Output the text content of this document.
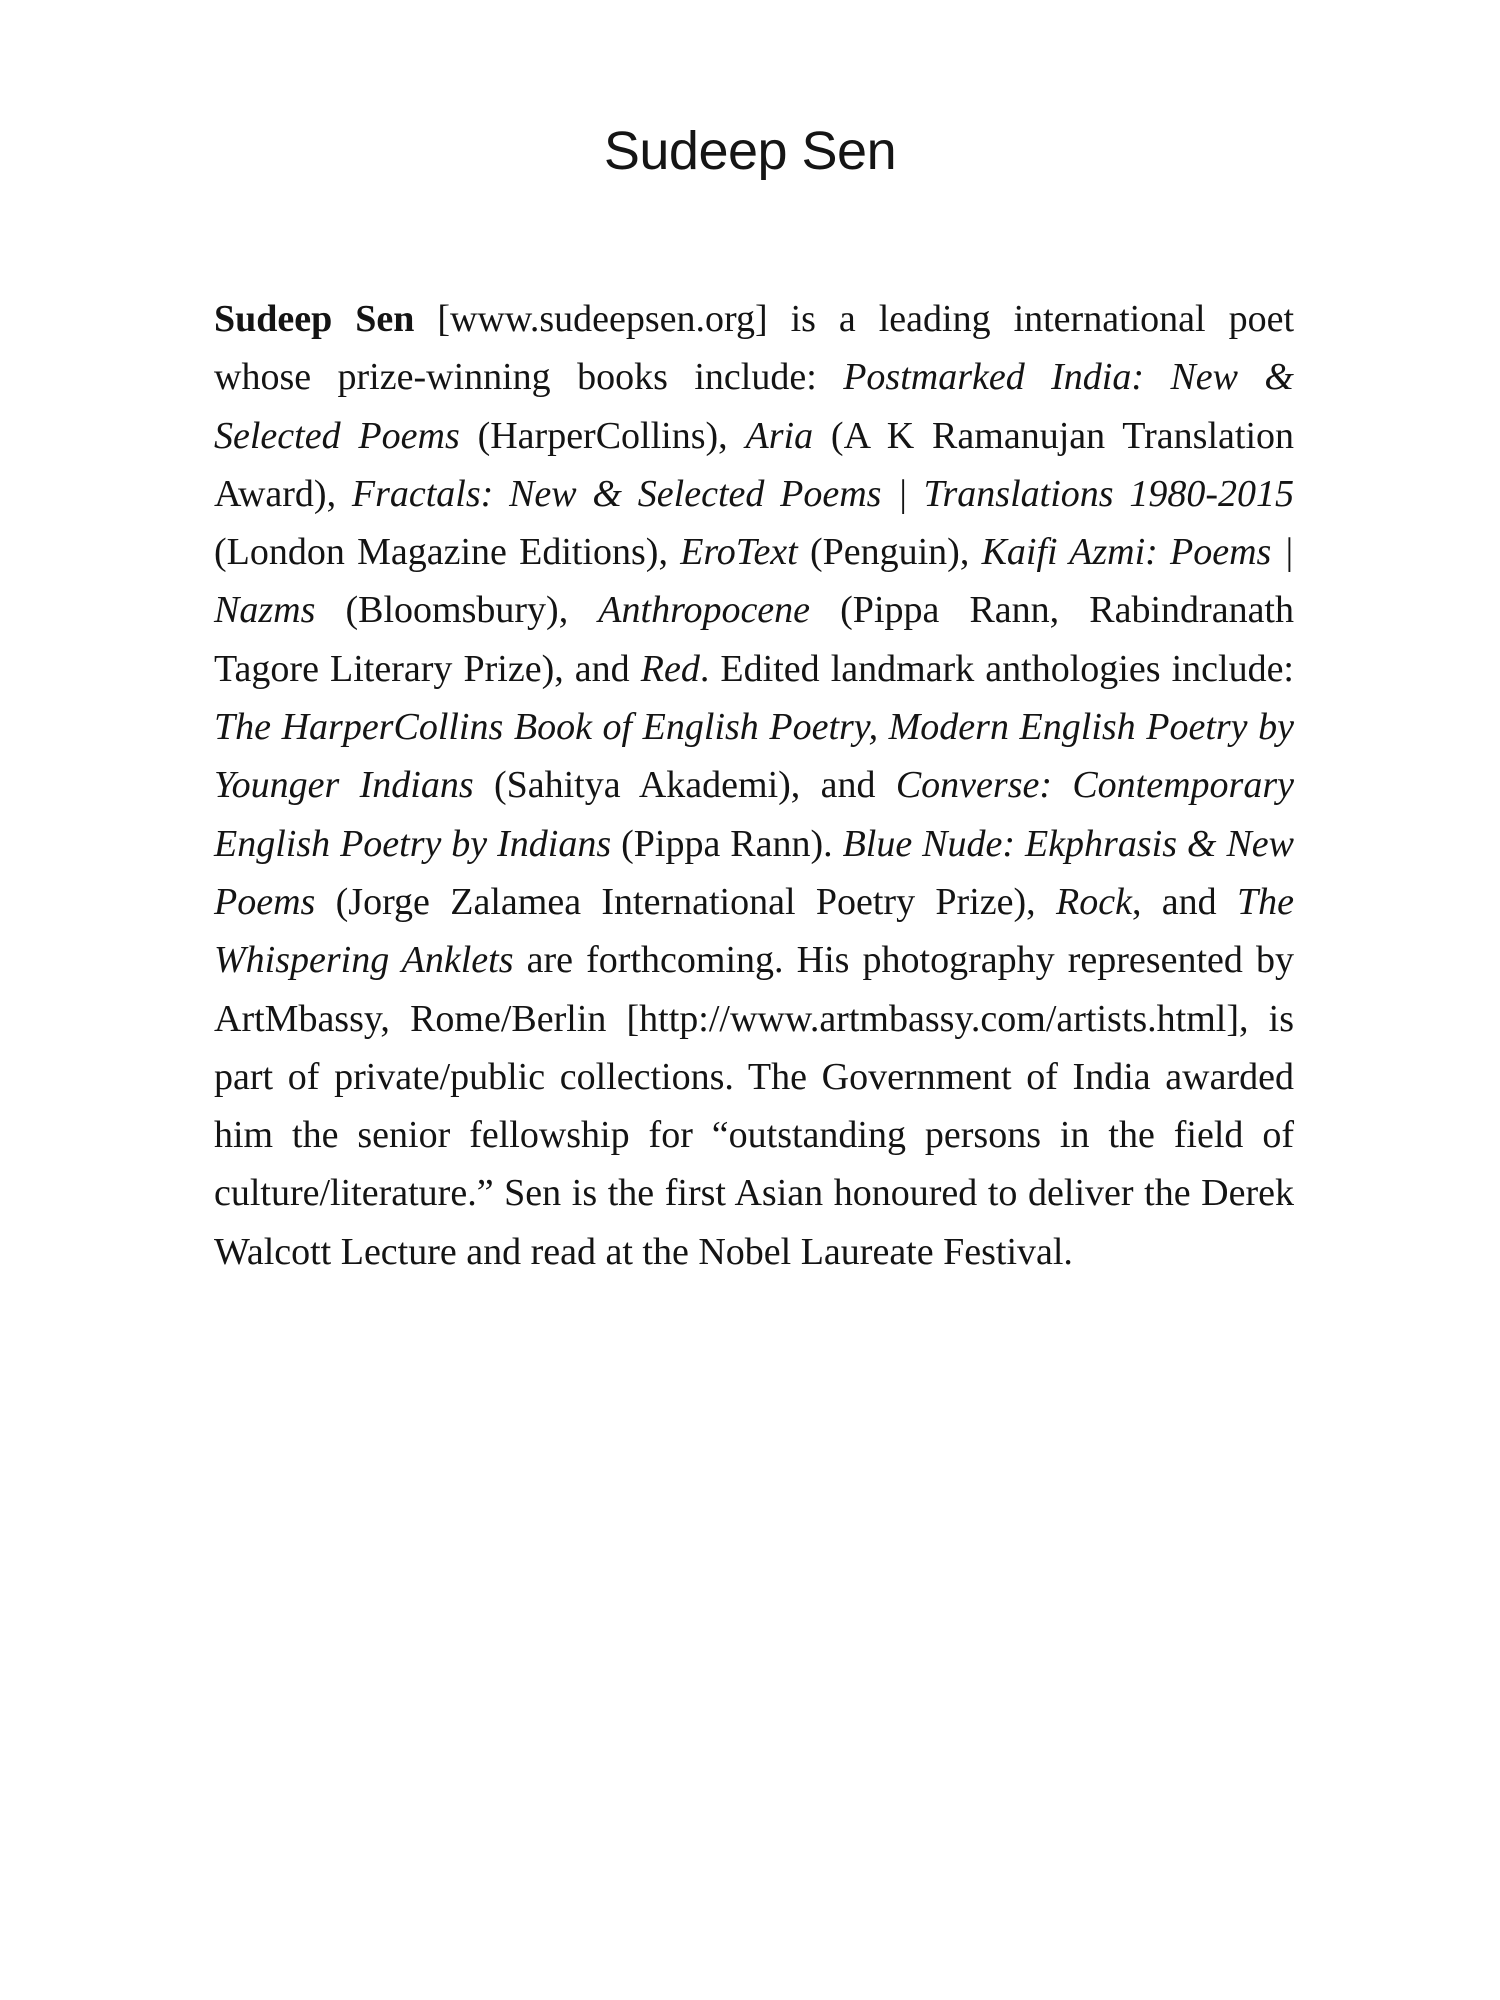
Sudeep Sen

Sudeep Sen [www.sudeepsen.org] is a leading international poet whose prize-winning books include: Postmarked India: New & Selected Poems (HarperCollins), Aria (A K Ramanujan Translation Award), Fractals: New & Selected Poems | Translations 1980-2015 (London Magazine Editions), EroText (Penguin), Kaifi Azmi: Poems | Nazms (Bloomsbury), Anthropocene (Pippa Rann, Rabindranath Tagore Literary Prize), and Red. Edited landmark anthologies include: The HarperCollins Book of English Poetry, Modern English Poetry by Younger Indians (Sahitya Akademi), and Converse: Contemporary English Poetry by Indians (Pippa Rann). Blue Nude: Ekphrasis & New Poems (Jorge Zalamea International Poetry Prize), Rock, and The Whispering Anklets are forthcoming. His photography represented by ArtMbassy, Rome/Berlin [http://www.artmbassy.com/artists.html], is part of private/public collections. The Government of India awarded him the senior fellowship for “outstanding persons in the field of culture/literature.” Sen is the first Asian honoured to deliver the Derek Walcott Lecture and read at the Nobel Laureate Festival.
